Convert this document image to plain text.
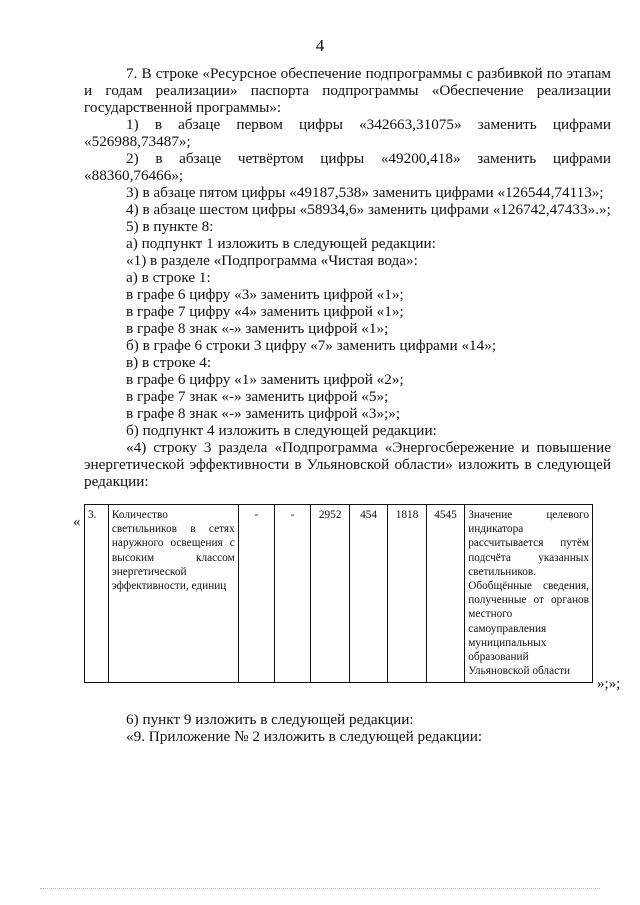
4

7. В строке «Ресурсное обеспечение подпрограммы с разбивкой по этапам

и годам реализации» паспорта подпрограммы «Обеспечение реализации

государственной программы»:

1) в абзаце первом цифры «342663,31075» заменить цифрами

«526988,73487»;

2) в абзаце четвёртом цифры «49200,418» заменить цифрами

«88360,76466»;

3) в абзаце пятом цифры «49187,538» заменить цифрами «126544,74113»;

4) в абзаце шестом цифры «58934,6» заменить цифрами «126742,47433».»;

5) в пункте 8:

а) подпункт 1 изложить в следующей редакции:

«1) в разделе «Подпрограмма «Чистая вода»:

а) в строке 1:

в графе 6 цифру «3» заменить цифрой «1»;

в графе 7 цифру «4» заменить цифрой «1»;

в графе 8 знак «-» заменить цифрой «1»;

б) в графе 6 строки 3 цифру «7» заменить цифрами «14»;

в) в строке 4:

в графе 6 цифру «1» заменить цифрой «2»;

в графе 7 знак «-» заменить цифрой «5»;

в графе 8 знак «-» заменить цифрой «3»;»;

б) подпункт 4 изложить в следующей редакции:

«4) строку 3 раздела «Подпрограмма «Энергосбережение и повышение

энергетической эффективности в Ульяновской области» изложить в следующей

редакции:

« 3.	Количество светильников в сетях наружного освещения с высоким классом энергетической эффективности, единиц	-	-	2952	454	1818	4545	Значение целевого индикатора рассчитывается путём подсчёта указанных светильников. Обобщённые сведения, полученные от органов местного самоуправления муниципальных образований Ульяновской области
»;»;

6) пункт 9 изложить в следующей редакции:

«9. Приложение № 2 изложить в следующей редакции:
